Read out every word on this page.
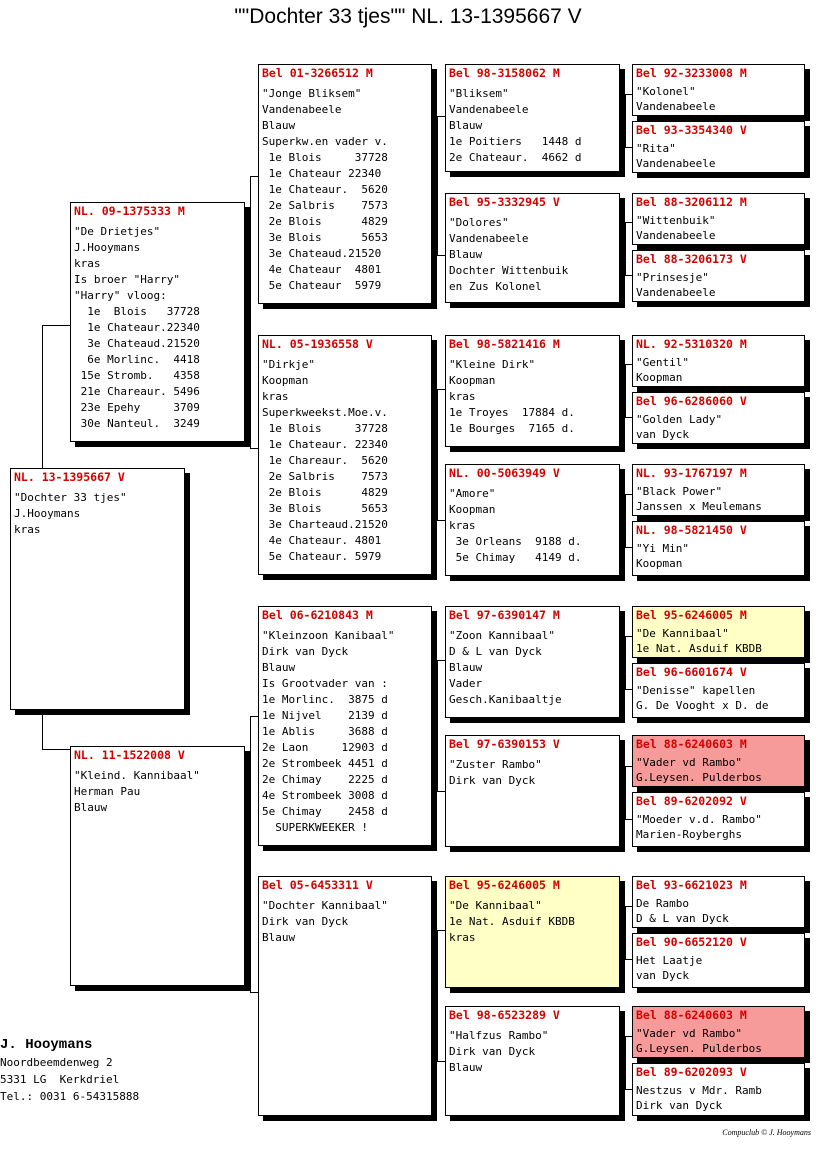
""Dochter 33 tjes"" NL. 13-1395667 V
NL. 13-1395667 V
"Dochter 33 tjes"
J.Hooymans
kras
NL. 09-1375333 M
"De Drietjes"
J.Hooymans
kras
Is broer "Harry"
"Harry" vloog:
1e  Blois   37728
1e Chateaur.22340
3e Chateaud.21520
6e Morlinc.  4418
15e Stromb.   4358
21e Chareaur. 5496
23e Epehy     3709
30e Nanteul.  3249
NL. 11-1522008 V
"Kleind. Kannibaal"
Herman Pau
Blauw
Bel 01-3266512 M
"Jonge Bliksem"
Vandenabeele
Blauw
Superkw.en vader v.
1e Blois     37728
1e Chateaur 22340
1e Chateaur.  5620
2e Salbris    7573
2e Blois      4829
3e Blois      5653
3e Chateaud.21520
4e Chateaur  4801
5e Chateaur  5979
NL. 05-1936558 V
"Dirkje"
Koopman
kras
Superkweekst.Moe.v.
1e Blois     37728
1e Chateaur. 22340
1e Chareaur.  5620
2e Salbris    7573
2e Blois      4829
3e Blois      5653
3e Charteaud.21520
4e Chateaur. 4801
5e Chateaur. 5979
Bel 06-6210843 M
"Kleinzoon Kanibaal"
Dirk van Dyck
Blauw
Is Grootvader van :
1e Morlinc.  3875 d
1e Nijvel    2139 d
1e Ablis     3688 d
2e Laon     12903 d
2e Strombeek 4451 d
2e Chimay    2225 d
4e Strombeek 3008 d
5e Chimay    2458 d
SUPERKWEEKER !
Bel 05-6453311 V
"Dochter Kannibaal"
Dirk van Dyck
Blauw
Bel 98-3158062 M
"Bliksem"
Vandenabeele
Blauw
1e Poitiers   1448 d
2e Chateaur.  4662 d
Bel 95-3332945 V
"Dolores"
Vandenabeele
Blauw
Dochter Wittenbuik
en Zus Kolonel
Bel 98-5821416 M
"Kleine Dirk"
Koopman
kras
1e Troyes  17884 d.
1e Bourges  7165 d.
NL. 00-5063949 V
"Amore"
Koopman
kras
3e Orleans  9188 d.
5e Chimay   4149 d.
Bel 97-6390147 M
"Zoon Kannibaal"
D & L van Dyck
Blauw
Vader
Gesch.Kanibaaltje
Bel 97-6390153 V
"Zuster Rambo"
Dirk van Dyck
Bel 95-6246005 M
"De Kannibaal"
1e Nat. Asduif KBDB
kras
Bel 98-6523289 V
"Halfzus Rambo"
Dirk van Dyck
Blauw
Bel 92-3233008 M
"Kolonel"
Vandenabeele
Bel 93-3354340 V
"Rita"
Vandenabeele
Bel 88-3206112 M
"Wittenbuik"
Vandenabeele
Bel 88-3206173 V
"Prinsesje"
Vandenabeele
NL. 92-5310320 M
"Gentil"
Koopman
Bel 96-6286060 V
"Golden Lady"
van Dyck
NL. 93-1767197 M
"Black Power"
Janssen x Meulemans
NL. 98-5821450 V
"Yi Min"
Koopman
Bel 95-6246005 M
"De Kannibaal"
1e Nat. Asduif KBDB
Bel 96-6601674 V
"Denisse" kapellen
G. De Vooght x D. de
Bel 88-6240603 M
"Vader vd Rambo"
G.Leysen. Pulderbos
Bel 89-6202092 V
"Moeder v.d. Rambo"
Marien-Royberghs
Bel 93-6621023 M
De Rambo
D & L van Dyck
Bel 90-6652120 V
Het Laatje
van Dyck
Bel 88-6240603 M
"Vader vd Rambo"
G.Leysen. Pulderbos
Bel 89-6202093 V
Nestzus v Mdr. Ramb
Dirk van Dyck
J. Hooymans
Noordbeemdenweg 2
5331 LG  Kerkdriel
Tel.: 0031 6-54315888
Compuclub © J. Hooymans
